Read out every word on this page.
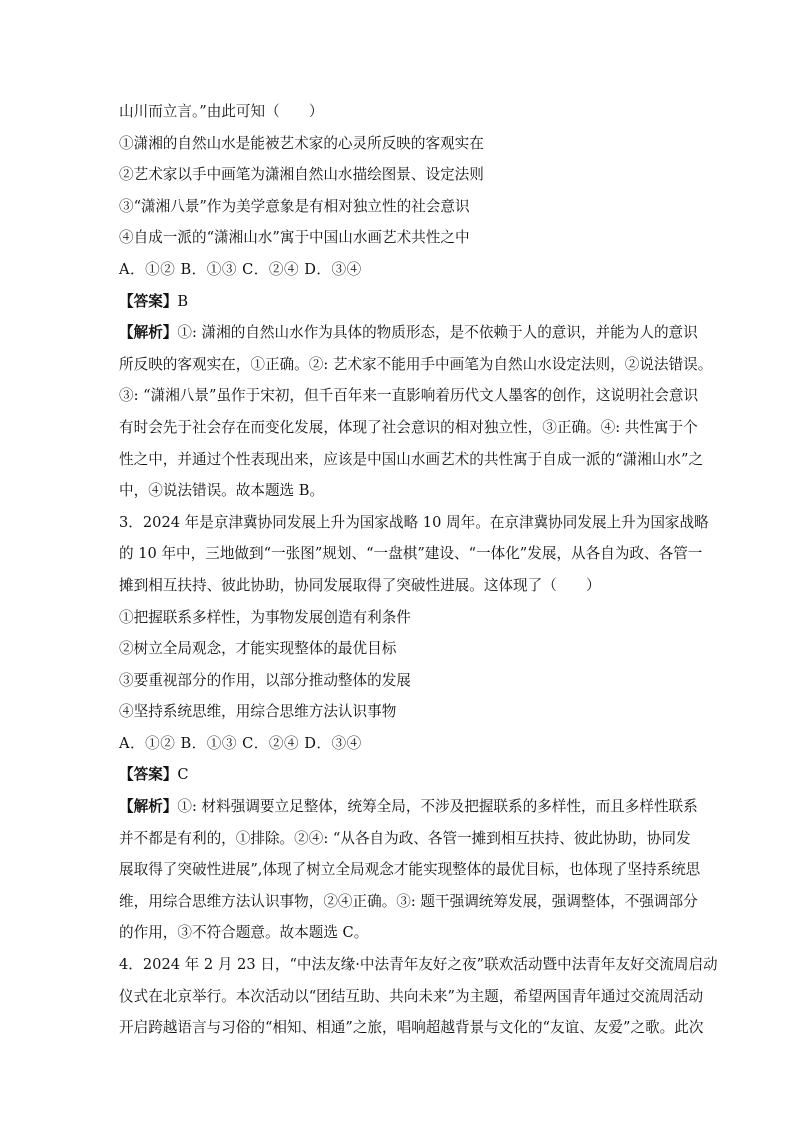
山川而立言。”由此可知（　　）
①潇湘的自然山水是能被艺术家的心灵所反映的客观实在
②艺术家以手中画笔为潇湘自然山水描绘图景、设定法则
③“潇湘八景”作为美学意象是有相对独立性的社会意识
④自成一派的“潇湘山水”寓于中国山水画艺术共性之中
A．①② B．①③ C．②④ D．③④
【答案】B
【解析】①: 潇湘的自然山水作为具体的物质形态，是不依赖于人的意识，并能为人的意识
所反映的客观实在，①正确。②: 艺术家不能用手中画笔为自然山水设定法则，②说法错误。
③: “潇湘八景”虽作于宋初，但千百年来一直影响着历代文人墨客的创作，这说明社会意识
有时会先于社会存在而变化发展，体现了社会意识的相对独立性，③正确。④: 共性寓于个
性之中，并通过个性表现出来，应该是中国山水画艺术的共性寓于自成一派的“潇湘山水”之
中，④说法错误。故本题选 B。
3．2024 年是京津冀协同发展上升为国家战略 10 周年。在京津冀协同发展上升为国家战略
的 10 年中，三地做到“一张图”规划、“一盘棋”建设、“一体化”发展，从各自为政、各管一
摊到相互扶持、彼此协助，协同发展取得了突破性进展。这体现了（　　）
①把握联系多样性，为事物发展创造有利条件
②树立全局观念，才能实现整体的最优目标
③要重视部分的作用，以部分推动整体的发展
④坚持系统思维，用综合思维方法认识事物
A．①② B．①③ C．②④ D．③④
【答案】C
【解析】①: 材料强调要立足整体，统筹全局，不涉及把握联系的多样性，而且多样性联系
并不都是有利的，①排除。②④: “从各自为政、各管一摊到相互扶持、彼此协助，协同发
展取得了突破性进展”,体现了树立全局观念才能实现整体的最优目标，也体现了坚持系统思
维，用综合思维方法认识事物，②④正确。③: 题干强调统筹发展，强调整体，不强调部分
的作用，③不符合题意。故本题选 C。
4．2024 年 2 月 23 日，“中法友缘·中法青年友好之夜”联欢活动暨中法青年友好交流周启动
仪式在北京举行。本次活动以“团结互助、共向未来”为主题，希望两国青年通过交流周活动
开启跨越语言与习俗的“相知、相通”之旅，唱响超越背景与文化的“友谊、友爱”之歌。此次
